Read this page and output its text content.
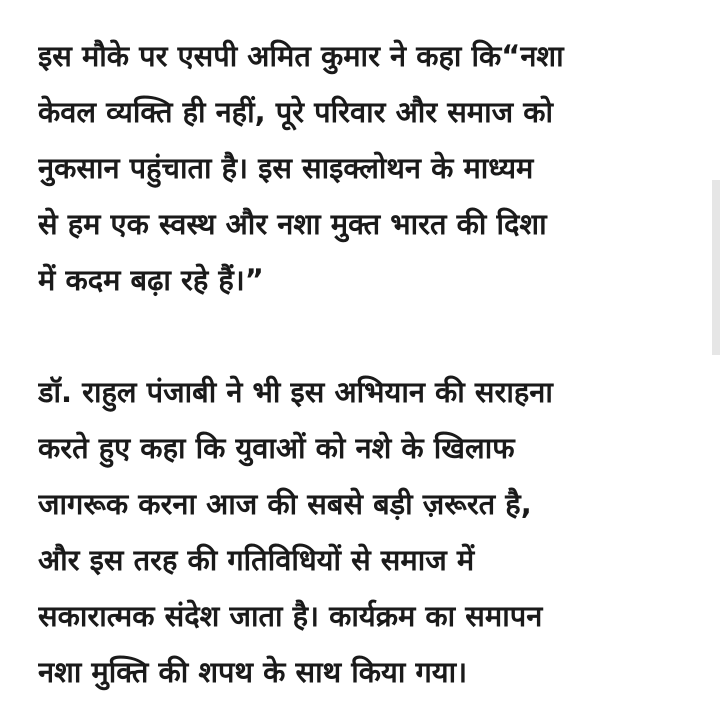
इस मौके पर एसपी अमित कुमार ने कहा कि“नशा
केवल व्यक्ति ही नहीं, पूरे परिवार और समाज को
नुकसान पहुंचाता है। इस साइक्लोथन के माध्यम
से हम एक स्वस्थ और नशा मुक्त भारत की दिशा
में कदम बढ़ा रहे हैं।”

डॉ. राहुल पंजाबी ने भी इस अभियान की सराहना
करते हुए कहा कि युवाओं को नशे के खिलाफ
जागरूक करना आज की सबसे बड़ी ज़रूरत है,
और इस तरह की गतिविधियों से समाज में
सकारात्मक संदेश जाता है। कार्यक्रम का समापन
नशा मुक्ति की शपथ के साथ किया गया।
